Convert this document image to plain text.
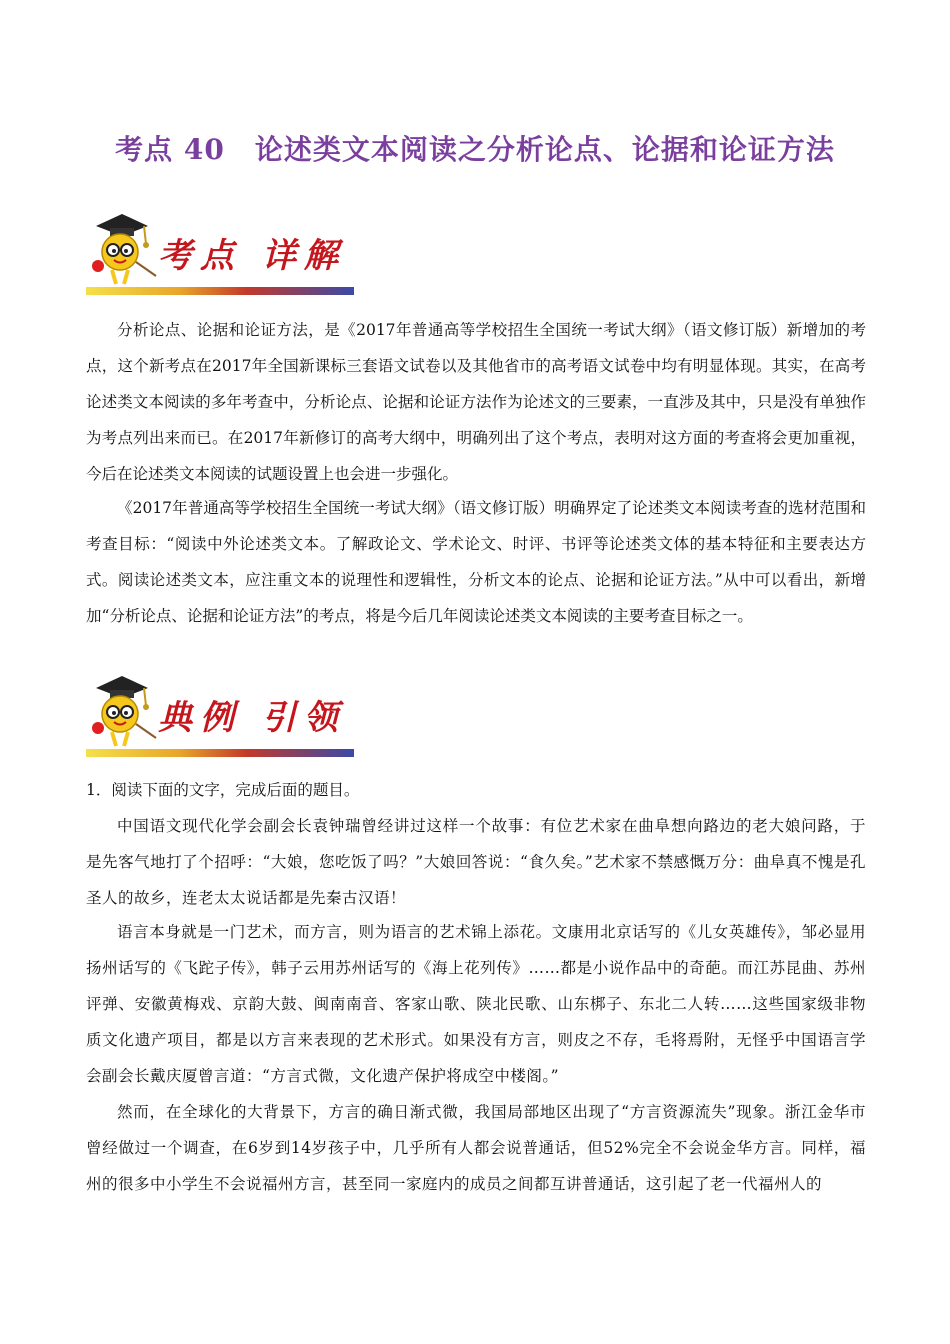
考点 40 论述类文本阅读之分析论点、论据和论证方法
考点 详解

分析论点、论据和论证方法，是《2017年普通高等学校招生全国统一考试大纲》（语文修订版）新增加的考点，这个新考点在2017年全国新课标三套语文试卷以及其他省市的高考语文试卷中均有明显体现。其实，在高考论述类文本阅读的多年考查中，分析论点、论据和论证方法作为论述文的三要素，一直涉及其中，只是没有单独作为考点列出来而已。在2017年新修订的高考大纲中，明确列出了这个考点，表明对这方面的考查将会更加重视，今后在论述类文本阅读的试题设置上也会进一步强化。

《2017年普通高等学校招生全国统一考试大纲》（语文修订版）明确界定了论述类文本阅读考查的选材范围和考查目标：“阅读中外论述类文本。了解政论文、学术论文、时评、书评等论述类文体的基本特征和主要表达方式。阅读论述类文本，应注重文本的说理性和逻辑性，分析文本的论点、论据和论证方法。”从中可以看出，新增加“分析论点、论据和论证方法”的考点，将是今后几年阅读论述类文本阅读的主要考查目标之一。

典例 引领

1．阅读下面的文字，完成后面的题目。

中国语文现代化学会副会长袁钟瑞曾经讲过这样一个故事：有位艺术家在曲阜想向路边的老大娘问路，于是先客气地打了个招呼：“大娘，您吃饭了吗？”大娘回答说：“食久矣。”艺术家不禁感慨万分：曲阜真不愧是孔圣人的故乡，连老太太说话都是先秦古汉语！

语言本身就是一门艺术，而方言，则为语言的艺术锦上添花。文康用北京话写的《儿女英雄传》，邹必显用扬州话写的《飞跎子传》，韩子云用苏州话写的《海上花列传》……都是小说作品中的奇葩。而江苏昆曲、苏州评弹、安徽黄梅戏、京韵大鼓、闽南南音、客家山歌、陕北民歌、山东梆子、东北二人转……这些国家级非物质文化遗产项目，都是以方言来表现的艺术形式。如果没有方言，则皮之不存，毛将焉附，无怪乎中国语言学会副会长戴庆厦曾言道：“方言式微，文化遗产保护将成空中楼阁。”

然而，在全球化的大背景下，方言的确日渐式微，我国局部地区出现了“方言资源流失”现象。浙江金华市曾经做过一个调查，在6岁到14岁孩子中，几乎所有人都会说普通话，但52%完全不会说金华方言。同样，福州的很多中小学生不会说福州方言，甚至同一家庭内的成员之间都互讲普通话，这引起了老一代福州人的
